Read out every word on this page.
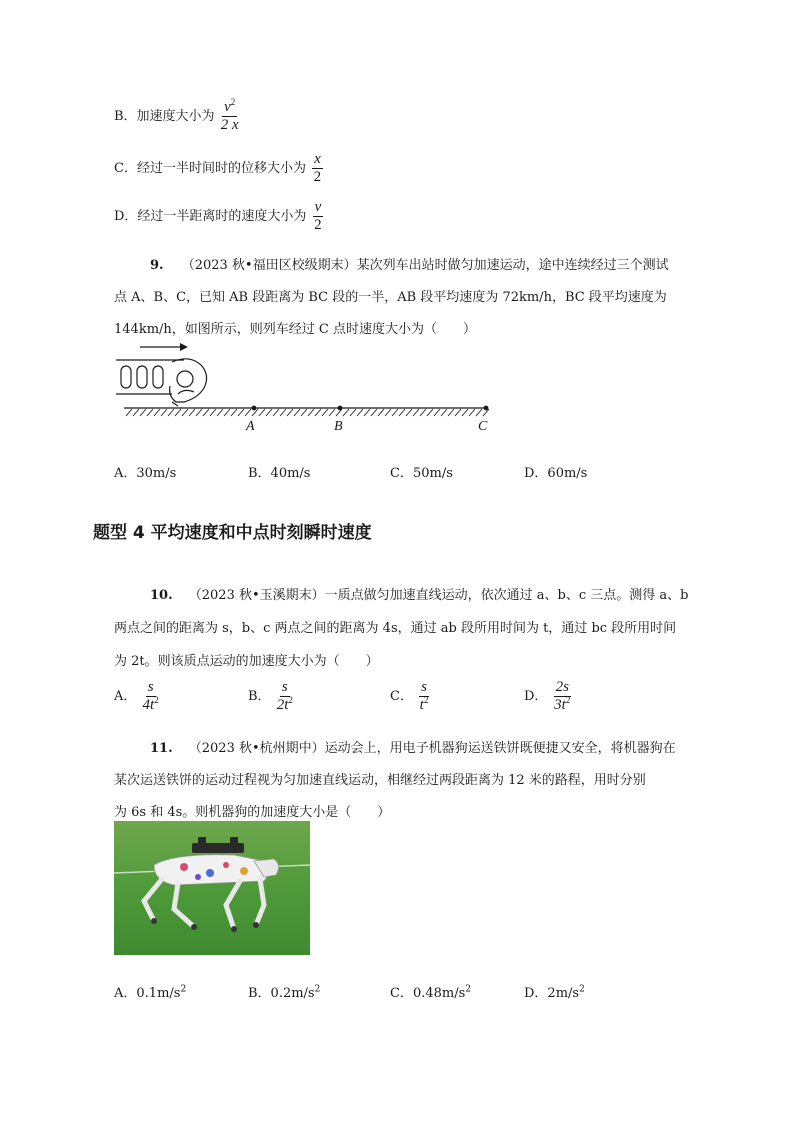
B．加速度大小为 $\frac{v^2}{2 x}$
C．经过一半时间时的位移大小为 $\frac{x}{2}$
D．经过一半距离时的速度大小为 $\frac{v}{2}$
9. （2023 秋•福田区校级期末）某次列车出站时做匀加速运动，途中连续经过三个测试
点 A、B、C，已知 AB 段距离为 BC 段的一半，AB 段平均速度为 72km/h，BC 段平均速度为
144km/h，如图所示，则列车经过 C 点时速度大小为（　　）
A	B	C
A．30m/s	B．40m/s	C．50m/s	D．60m/s
题型 4 平均速度和中点时刻瞬时速度
10. （2023 秋•玉溪期末）一质点做匀加速直线运动，依次通过 a、b、c 三点。测得 a、b
两点之间的距离为 s，b、c 两点之间的距离为 4s，通过 ab 段所用时间为 t，通过 bc 段所用时间
为 2t。则该质点运动的加速度大小为（　　）
A． $\frac{s}{4t^2}$	B． $\frac{s}{2t^2}$	C． $\frac{s}{t^2}$	D． $\frac{2s}{3t^2}$
11. （2023 秋•杭州期中）运动会上，用电子机器狗运送铁饼既便捷又安全，将机器狗在
某次运送铁饼的运动过程视为匀加速直线运动，相继经过两段距离为 12 米的路程，用时分别
为 6s 和 4s。则机器狗的加速度大小是（　　）
A．$0.1m/s^2$	B．$0.2m/s^2$	C．$0.48m/s^2$	D．$2m/s^2$
